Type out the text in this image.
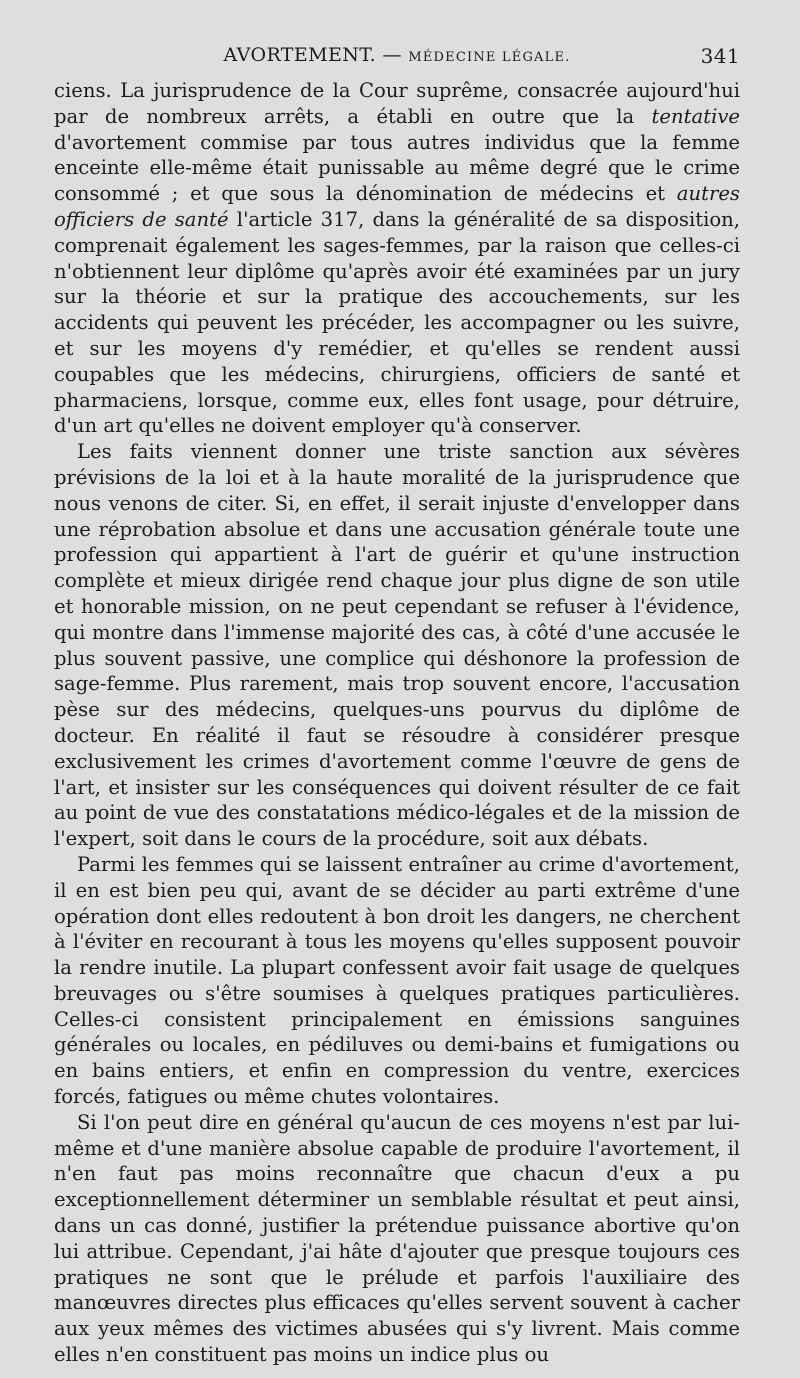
AVORTEMENT. — MÉDECINE LÉGALE.	341

ciens. La jurisprudence de la Cour suprême, consacrée aujourd'hui par de nombreux arrêts, a établi en outre que la tentative d'avortement commise par tous autres individus que la femme enceinte elle-même était punissable au même degré que le crime consommé ; et que sous la dénomination de médecins et autres officiers de santé l'article 317, dans la généralité de sa disposition, comprenait également les sages-femmes, par la raison que celles-ci n'obtiennent leur diplôme qu'après avoir été examinées par un jury sur la théorie et sur la pratique des accouchements, sur les accidents qui peuvent les précéder, les accompagner ou les suivre, et sur les moyens d'y remédier, et qu'elles se rendent aussi coupables que les médecins, chirurgiens, officiers de santé et pharmaciens, lorsque, comme eux, elles font usage, pour détruire, d'un art qu'elles ne doivent employer qu'à conserver.

Les faits viennent donner une triste sanction aux sévères prévisions de la loi et à la haute moralité de la jurisprudence que nous venons de citer. Si, en effet, il serait injuste d'envelopper dans une réprobation absolue et dans une accusation générale toute une profession qui appartient à l'art de guérir et qu'une instruction complète et mieux dirigée rend chaque jour plus digne de son utile et honorable mission, on ne peut cependant se refuser à l'évidence, qui montre dans l'immense majorité des cas, à côté d'une accusée le plus souvent passive, une complice qui déshonore la profession de sage-femme. Plus rarement, mais trop souvent encore, l'accusation pèse sur des médecins, quelques-uns pourvus du diplôme de docteur. En réalité il faut se résoudre à considérer presque exclusivement les crimes d'avortement comme l'œuvre de gens de l'art, et insister sur les conséquences qui doivent résulter de ce fait au point de vue des constatations médico-légales et de la mission de l'expert, soit dans le cours de la procédure, soit aux débats.

Parmi les femmes qui se laissent entraîner au crime d'avortement, il en est bien peu qui, avant de se décider au parti extrême d'une opération dont elles redoutent à bon droit les dangers, ne cherchent à l'éviter en recourant à tous les moyens qu'elles supposent pouvoir la rendre inutile. La plupart confessent avoir fait usage de quelques breuvages ou s'être soumises à quelques pratiques particulières. Celles-ci consistent principalement en émissions sanguines générales ou locales, en pédiluves ou demi-bains et fumigations ou en bains entiers, et enfin en compression du ventre, exercices forcés, fatigues ou même chutes volontaires.

Si l'on peut dire en général qu'aucun de ces moyens n'est par lui-même et d'une manière absolue capable de produire l'avortement, il n'en faut pas moins reconnaître que chacun d'eux a pu exceptionnellement déterminer un semblable résultat et peut ainsi, dans un cas donné, justifier la prétendue puissance abortive qu'on lui attribue. Cependant, j'ai hâte d'ajouter que presque toujours ces pratiques ne sont que le prélude et parfois l'auxiliaire des manœuvres directes plus efficaces qu'elles servent souvent à cacher aux yeux mêmes des victimes abusées qui s'y livrent. Mais comme elles n'en constituent pas moins un indice plus ou
